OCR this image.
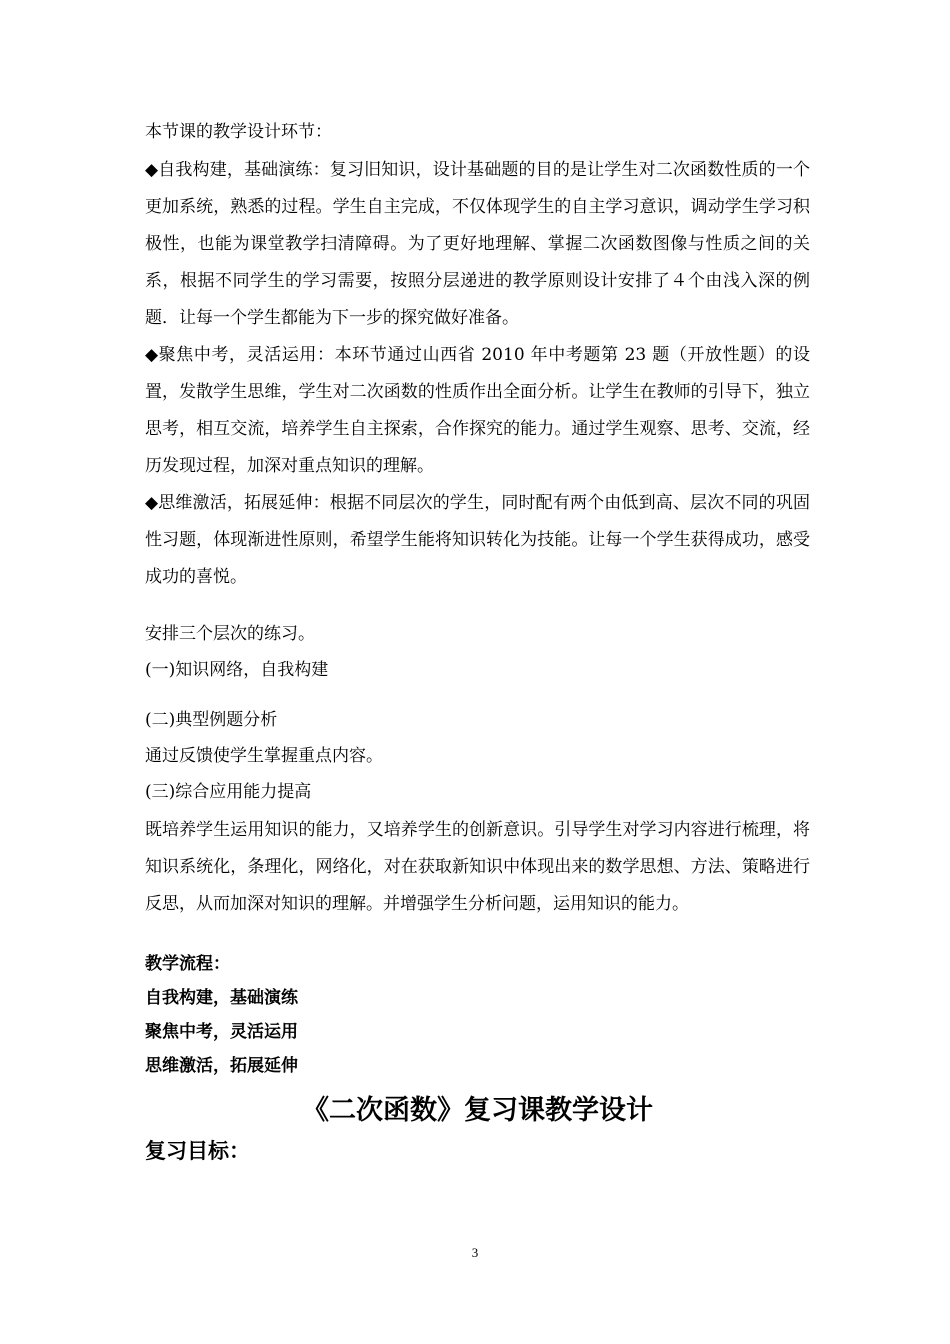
本节课的教学设计环节：

◆自我构建，基础演练：复习旧知识，设计基础题的目的是让学生对二次函数性质的一个更加系统，熟悉的过程。学生自主完成，不仅体现学生的自主学习意识，调动学生学习积极性，也能为课堂教学扫清障碍。为了更好地理解、掌握二次函数图像与性质之间的关系，根据不同学生的学习需要，按照分层递进的教学原则设计安排了４个由浅入深的例题．让每一个学生都能为下一步的探究做好准备。

◆聚焦中考，灵活运用：本环节通过山西省 2010 年中考题第 23 题（开放性题）的设置，发散学生思维，学生对二次函数的性质作出全面分析。让学生在教师的引导下，独立思考，相互交流，培养学生自主探索，合作探究的能力。通过学生观察、思考、交流，经历发现过程，加深对重点知识的理解。

◆思维激活，拓展延伸：根据不同层次的学生，同时配有两个由低到高、层次不同的巩固性习题，体现渐进性原则，希望学生能将知识转化为技能。让每一个学生获得成功，感受成功的喜悦。

安排三个层次的练习。

(一)知识网络，自我构建

(二)典型例题分析

通过反馈使学生掌握重点内容。

(三)综合应用能力提高

既培养学生运用知识的能力，又培养学生的创新意识。引导学生对学习内容进行梳理，将知识系统化，条理化，网络化，对在获取新知识中体现出来的数学思想、方法、策略进行反思，从而加深对知识的理解。并增强学生分析问题，运用知识的能力。

教学流程：

自我构建，基础演练

聚焦中考，灵活运用

思维激活，拓展延伸

《二次函数》复习课教学设计

复习目标：

3
